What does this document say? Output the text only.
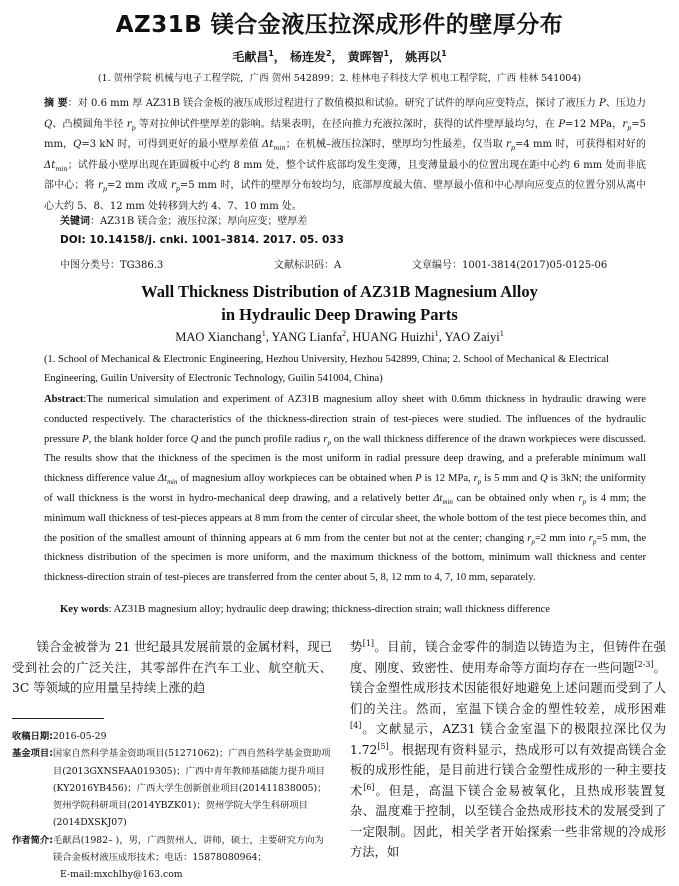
AZ31B 镁合金液压拉深成形件的壁厚分布
毛献昌$^1$， 杨连发$^2$， 黄晖智$^1$， 姚再以$^1$
(1. 贺州学院 机械与电子工程学院，广西 贺州 542899；2. 桂林电子科技大学 机电工程学院，广西 桂林 541004)
摘 要：对 0.6 mm 厚 AZ31B 镁合金板的液压成形过程进行了数值模拟和试验。研究了试件的厚向应变特点，探讨了液压力 P、压边力 Q、凸模圆角半径 $r_p$ 等对拉伸试件壁厚差的影响。结果表明，在径向推力充液拉深时，获得的试件壁厚最均匀，在 P=12 MPa，$r_p=5$ mm，Q=3 kN 时，可得到更好的最小壁厚差值 $\Delta t_{min}$；在机械–液压拉深时，壁厚均匀性最差，仅当取 $r_p=4$ mm 时，可获得相对好的 $\Delta t_{min}$；试件最小壁厚出现在距圆板中心约 8 mm 处，整个试件底部均发生变薄，且变薄量最小的位置出现在距中心约 6 mm 处而非底部中心；将 $r_p=2$ mm 改成 $r_p=5$ mm 时，试件的壁厚分布较均匀，底部厚度最大值、壁厚最小值和中心厚向应变点的位置分别从离中心大约 5、8、12 mm 处转移到大约 4、7、10 mm 处。
关键词：AZ31B 镁合金；液压拉深；厚向应变；壁厚差
DOI: 10.14158/j. cnki. 1001–3814. 2017. 05. 033
中图分类号：TG386.3	文献标识码：A	文章编号：1001-3814(2017)05-0125-06
Wall Thickness Distribution of AZ31B Magnesium Alloy
in Hydraulic Deep Drawing Parts
MAO Xianchang$^1$, YANG Lianfa$^2$, HUANG Huizhi$^1$, YAO Zaiyi$^1$
(1. School of Mechanical & Electronic Engineering, Hezhou University, Hezhou 542899, China; 2. School of Mechanical & Electrical Engineering, Guilin University of Electronic Technology, Guilin 541004, China)
Abstract:The numerical simulation and experiment of AZ31B magnesium alloy sheet with 0.6mm thickness in hydraulic drawing were conducted respectively. The characteristics of the thickness-direction strain of test-pieces were studied. The influences of the hydraulic pressure P, the blank holder force Q and the punch profile radius $r_p$ on the wall thickness difference of the drawn workpieces were discussed. The results show that the thickness of the specimen is the most uniform in radial pressure deep drawing, and a preferable minimum wall thickness difference value $\Delta t_{min}$ of magnesium alloy workpieces can be obtained when P is 12 MPa, $r_p$ is 5 mm and Q is 3kN; the uniformity of wall thickness is the worst in hydro-mechanical deep drawing, and a relatively better $\Delta t_{min}$ can be obtained only when $r_p$ is 4 mm; the minimum wall thickness of test-pieces appears at 8 mm from the center of circular sheet, the whole bottom of the test piece becomes thin, and the position of the smallest amount of thinning appears at 6 mm from the center but not at the center; changing $r_p=2$ mm into $r_p=5$ mm, the thickness distribution of the specimen is more uniform, and the maximum thickness of the bottom, minimum wall thickness and center thickness-direction strain of test-pieces are transferred from the center about 5, 8, 12 mm to 4, 7, 10 mm, separately.
Key words: AZ31B magnesium alloy; hydraulic deep drawing; thickness-direction strain; wall thickness difference

镁合金被誉为 21 世纪最具发展前景的金属材料，现已受到社会的广泛关注，其零部件在汽车工业、航空航天、3C 等领域的应用量呈持续上涨的趋

收稿日期: 2016-05-29
基金项目: 国家自然科学基金资助项目(51271062)；广西自然科学基金资助项目(2013GXNSFAA019305)；广西中青年教师基础能力提升项目(KY2016YB456)；广西大学生创新创业项目(201411838005)；贺州学院科研项目(2014YBZK01)；贺州学院大学生科研项目(2014DXSKJ07)
作者简介: 毛献昌(1982– )，男，广西贺州人，讲师，硕士，主要研究方向为镁合金板材液压成形技术；电话：15878080964；
E-mail:mxchlhy@163.com

势[1]。目前，镁合金零件的制造以铸造为主，但铸件在强度、刚度、致密性、使用寿命等方面均存在一些问题[2-3]。镁合金塑性成形技术因能很好地避免上述问题而受到了人们的关注。然而，室温下镁合金的塑性较差，成形困难[4]。文献显示，AZ31 镁合金室温下的极限拉深比仅为 1.72[5]。根据现有资料显示，热成形可以有效提高镁合金板的成形性能，是目前进行镁合金塑性成形的一种主要技术[6]。但是，高温下镁合金易被氧化，且热成形装置复杂、温度难于控制，以至镁合金热成形技术的发展受到了一定限制。因此，相关学者开始探索一些非常规的冷成形方法，如
